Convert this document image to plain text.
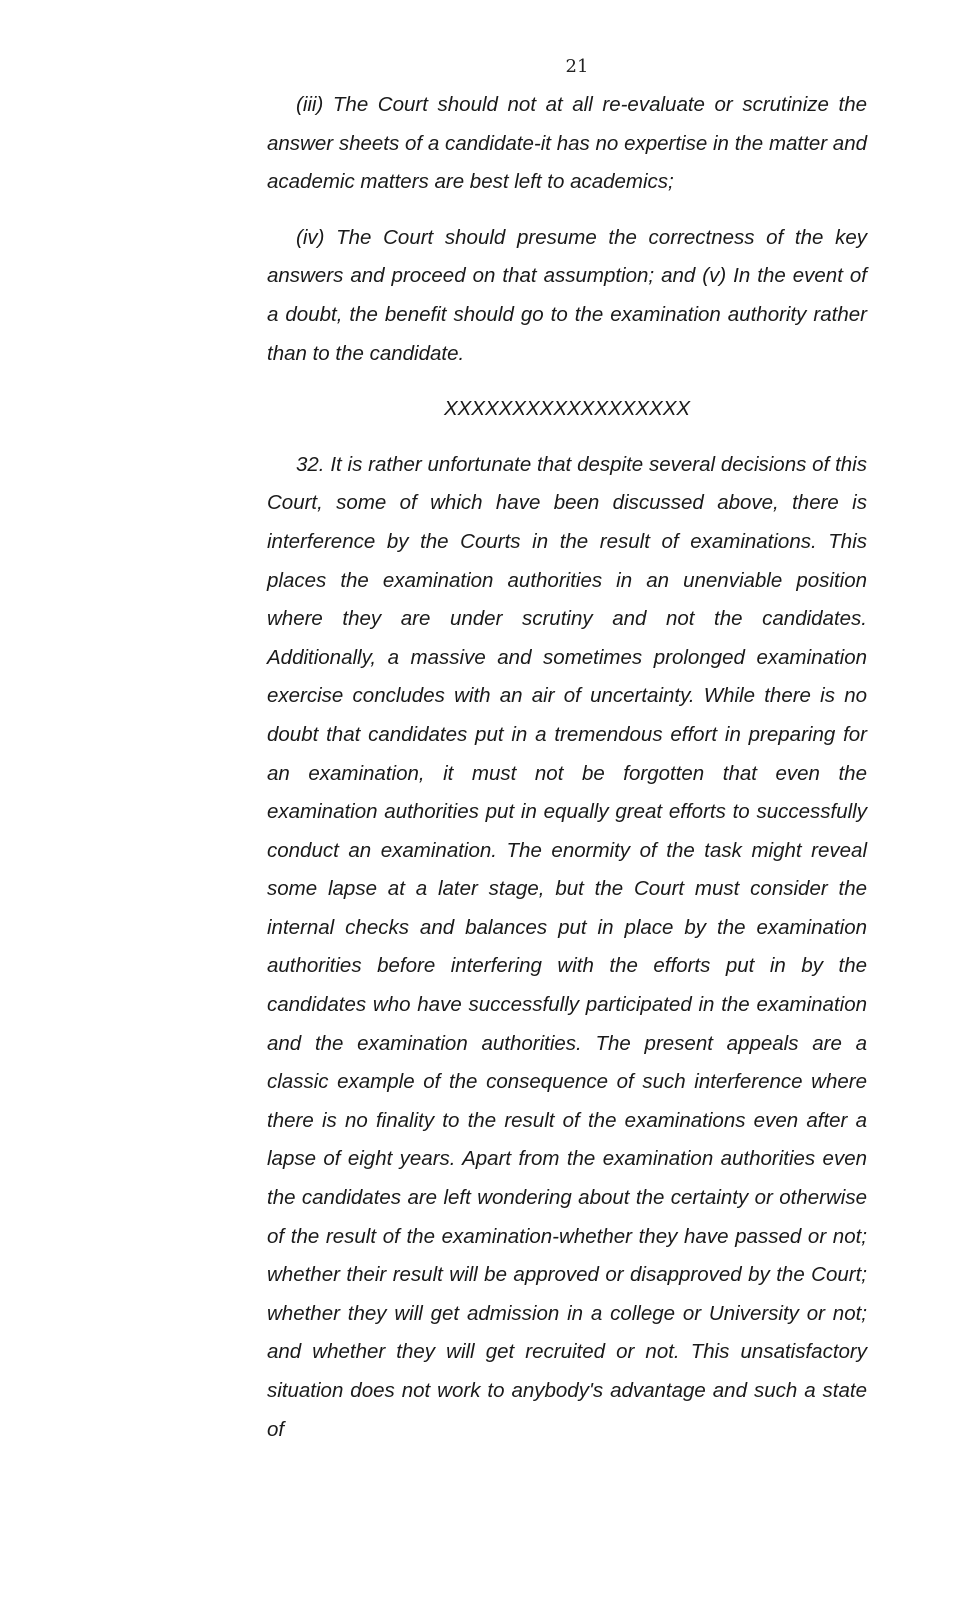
21

(iii) The Court should not at all re-evaluate or scrutinize the answer sheets of a candidate-it has no expertise in the matter and academic matters are best left to academics;

(iv) The Court should presume the correctness of the key answers and proceed on that assumption; and (v) In the event of a doubt, the benefit should go to the examination authority rather than to the candidate.

XXXXXXXXXXXXXXXXXX

32. It is rather unfortunate that despite several decisions of this Court, some of which have been discussed above, there is interference by the Courts in the result of examinations. This places the examination authorities in an unenviable position where they are under scrutiny and not the candidates. Additionally, a massive and sometimes prolonged examination exercise concludes with an air of uncertainty. While there is no doubt that candidates put in a tremendous effort in preparing for an examination, it must not be forgotten that even the examination authorities put in equally great efforts to successfully conduct an examination. The enormity of the task might reveal some lapse at a later stage, but the Court must consider the internal checks and balances put in place by the examination authorities before interfering with the efforts put in by the candidates who have successfully participated in the examination and the examination authorities. The present appeals are a classic example of the consequence of such interference where there is no finality to the result of the examinations even after a lapse of eight years. Apart from the examination authorities even the candidates are left wondering about the certainty or otherwise of the result of the examination-whether they have passed or not; whether their result will be approved or disapproved by the Court; whether they will get admission in a college or University or not; and whether they will get recruited or not. This unsatisfactory situation does not work to anybody's advantage and such a state of
